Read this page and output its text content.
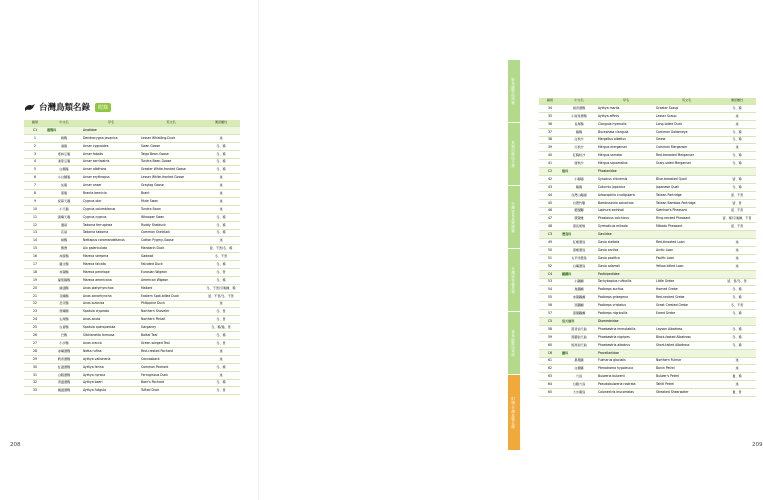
台灣鳥類名錄	附錄
編號	中文名	學名	英文名	遷留屬性
C1	雁鴨科	Anatidae		
1	樹鴨	Dendrocygna javanica	Lesser Whistling-Duck	迷
2	鴻雁	Anser cygnoides	Swan Goose	冬、稀
3	寒林豆雁	Anser fabalis	Taiga Bean-Goose	冬、稀
4	凍原豆雁	Anser serrirostris	Tundra Bean-Goose	冬、稀
5	白額雁	Anser albifrons	Greater White-fronted Goose	冬、稀
6	小白額雁	Anser erythropus	Lesser White-fronted Goose	迷
7	灰雁	Anser anser	Graylag Goose	迷
8	黑雁	Branta bernicla	Brant	迷
9	疣鼻天鵝	Cygnus olor	Mute Swan	迷
10	小天鵝	Cygnus columbianus	Tundra Swan	迷
11	黃嘴天鵝	Cygnus cygnus	Whooper Swan	冬、稀
12	瀆鳧	Tadorna ferruginea	Ruddy Shelduck	冬、稀
13	花鳧	Tadorna tadorna	Common Shelduck	冬、稀
14	棉鴨	Nettapus coromandelianus	Cotton Pygmy-Goose	迷
15	鴛鴦	Aix galericulata	Mandarin Duck	留、不普/冬、稀
16	赤膀鴨	Mareca strepera	Gadwall	冬、不普
17	羅文鴨	Mareca falcata	Falcated Duck	冬、稀
18	赤頸鴨	Mareca penelope	Eurasian Wigeon	冬、普
19	葡萄胸鴨	Mareca americana	American Wigeon	冬、稀
20	綠頭鴨	Anas platyrhynchos	Mallard	冬、不普/引進種、稀
21	花嘴鴨	Anas zonorhyncha	Eastern Spot-billed Duck	留、不普/冬、不普
22	呂宋鴨	Anas luzonica	Philippine Duck	迷
23	琵嘴鴨	Spatula clypeata	Northern Shoveler	冬、普
24	尖尾鴨	Anas acuta	Northern Pintail	冬、普
25	白眉鴨	Spatula querquedula	Garganey	冬、稀/過、普
26	巴鴨	Sibirionetta formosa	Baikal Teal	冬、稀
27	小水鴨	Anas crecca	Green-winged Teal	冬、普
28	赤嘴潛鴨	Netta rufina	Red-crested Pochard	迷
29	帆背潛鴨	Aythya valisineria	Canvasback	迷
30	紅頭潛鴨	Aythya ferina	Common Pochard	冬、稀
31	白眼潛鴨	Aythya nyroca	Ferruginous Duck	迷
32	青頭潛鴨	Aythya baeri	Baer's Pochard	冬、稀
33	鳳頭潛鴨	Aythya fuligula	Tufted Duck	冬、普
208
編號	中文名	學名	英文名	遷留屬性
34	斑背潛鴨	Aythya marila	Greater Scaup	冬、稀
35	小斑背潛鴨	Aythya affinis	Lesser Scaup	迷
36	長尾鴨	Clangula hyemalis	Long-tailed Duck	迷
37	鵲鴨	Bucephala clangula	Common Goldeneye	冬、稀
38	白秋沙	Mergellus albellus	Smew	冬、稀
39	川秋沙	Mergus merganser	Common Merganser	迷
40	紅胸秋沙	Mergus serrator	Red-breasted Merganser	冬、稀
41	唐秋沙	Mergus squamatus	Scaly-sided Merganser	冬、稀
C2	雉科	Phasianidae		
42	小鵪鶉	Synoicus chinensis	Blue-breasted Quail	留、稀
43	鵪鶉	Coturnix japonica	Japanese Quail	冬、稀
44	台灣山鷓鴣	Arborophila crudigularis	Taiwan Partridge	留、不普
45	台灣竹雞	Bambusicola sonorivox	Taiwan Bamboo-Partridge	留、普
46	藍腹鷴	Lophura swinhoii	Swinhoe's Pheasant	留、不普
47	環頸雉	Phasianus colchicus	Ring-necked Pheasant	留、稀/引進種、不普
48	黑長尾雉	Syrmaticus mikado	Mikado Pheasant	留、不普
C3	潛鳥科	Gaviidae		
49	紅喉潛鳥	Gavia stellata	Red-throated Loon	迷
50	黑喉潛鳥	Gavia arctica	Arctic Loon	迷
51	太平洋潛鳥	Gavia pacifica	Pacific Loon	迷
52	白嘴潛鳥	Gavia adamsii	Yellow-billed Loon	迷
C4	鸊鷉科	Podicipedidae		
53	小鸊鷉	Tachybaptus ruficollis	Little Grebe	留、普/冬、普
54	角鸊鷉	Podiceps auritus	Horned Grebe	冬、稀
55	赤頸鸊鷉	Podiceps grisegena	Red-necked Grebe	冬、稀
56	冠鸊鷉	Podiceps cristatus	Great Crested Grebe	冬、不普
57	黑頸鸊鷉	Podiceps nigricollis	Eared Grebe	冬、稀
C5	信天翁科	Diomedeidae		
58	黑背信天翁	Phoebastria immutabilis	Laysan Albatross	冬、稀
59	黑腳信天翁	Phoebastria nigripes	Black-footed Albatross	冬、稀
60	短尾信天翁	Phoebastria albatrus	Short-tailed Albatross	冬、稀
C6	鸌科	Procellariidae		
61	暴風鸌	Fulmarus glacialis	Northern Fulmar	迷
62	白額鸌	Pterodroma hypoleuca	Bonin Petrel	迷
63	穴鳥	Bulweria bulwerii	Bulwer's Petrel	夏、稀
64	白腹穴鳥	Pseudobulweria rostrata	Tahiti Petrel	迷
65	大水薙鳥	Calonectris leucomelas	Streaked Shearwater	夏、普
209
野鳥觀察與辨識
鳥類形態與分類
台灣常見鳥類圖鑑
台灣特有種鳥類
賞鳥地點與資源
附錄:台灣鳥類名錄
